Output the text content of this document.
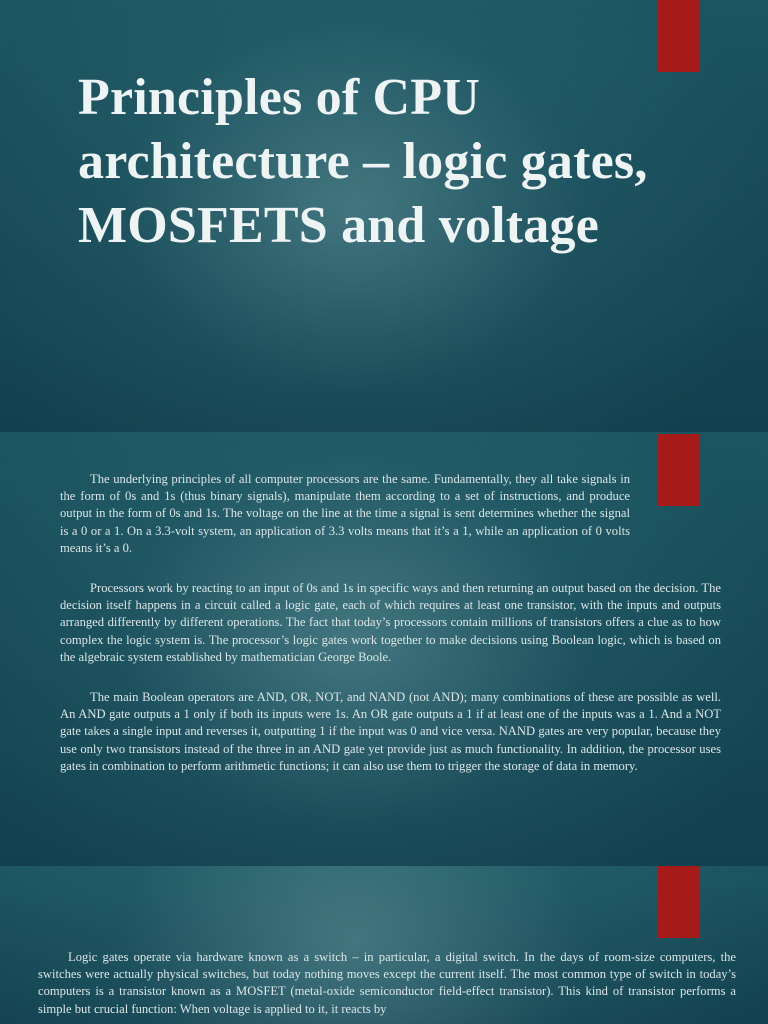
Principles of CPU architecture – logic gates, MOSFETS and voltage

The underlying principles of all computer processors are the same. Fundamentally, they all take signals in the form of 0s and 1s (thus binary signals), manipulate them according to a set of instructions, and produce output in the form of 0s and 1s. The voltage on the line at the time a signal is sent determines whether the signal is a 0 or a 1. On a 3.3-volt system, an application of 3.3 volts means that it’s a 1, while an application of 0 volts means it’s a 0.

Processors work by reacting to an input of 0s and 1s in specific ways and then returning an output based on the decision. The decision itself happens in a circuit called a logic gate, each of which requires at least one transistor, with the inputs and outputs arranged differently by different operations. The fact that today’s processors contain millions of transistors offers a clue as to how complex the logic system is. The processor’s logic gates work together to make decisions using Boolean logic, which is based on the algebraic system established by mathematician George Boole.

The main Boolean operators are AND, OR, NOT, and NAND (not AND); many combinations of these are possible as well. An AND gate outputs a 1 only if both its inputs were 1s. An OR gate outputs a 1 if at least one of the inputs was a 1. And a NOT gate takes a single input and reverses it, outputting 1 if the input was 0 and vice versa. NAND gates are very popular, because they use only two transistors instead of the three in an AND gate yet provide just as much functionality. In addition, the processor uses gates in combination to perform arithmetic functions; it can also use them to trigger the storage of data in memory.

Logic gates operate via hardware known as a switch – in particular, a digital switch. In the days of room-size computers, the switches were actually physical switches, but today nothing moves except the current itself. The most common type of switch in today’s computers is a transistor known as a MOSFET (metal-oxide semiconductor field-effect transistor). This kind of transistor performs a simple but crucial function: When voltage is applied to it, it reacts by
